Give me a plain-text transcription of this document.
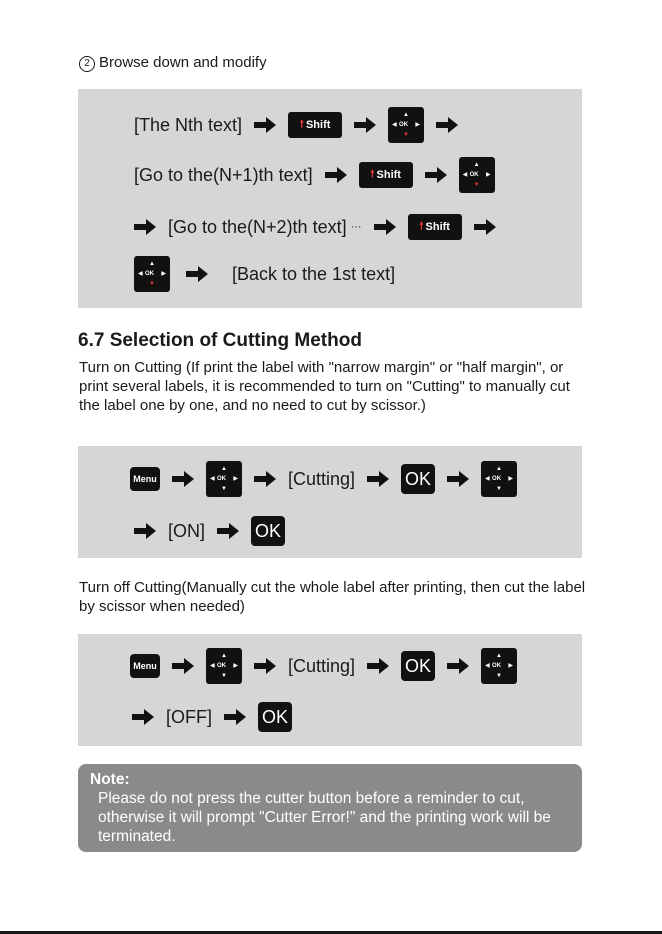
2 Browse down and modify
[The Nth text]	🠕 Shift
▲
◀ OK ▶
▼
[Go to the(N+1)th text]	🠕 Shift
▲
◀ OK ▶
▼
[Go to the(N+2)th text] ···	🠕 Shift
▲
◀ OK ▶
▼
[Back to the 1st text]
6.7 Selection of Cutting Method
Turn on Cutting (If print the label with "narrow margin" or "half margin", or print several labels, it is recommended to turn on "Cutting" to manually cut the label one by one, and no need to cut by scissor.)
Menu
▲
◀ OK ▶
▼
[Cutting]	OK	▲
◀ OK ▶
▼
[ON]	OK
Turn off Cutting(Manually cut the whole label after printing, then cut the label by scissor when needed)
Menu
▲
◀ OK ▶
▼
[Cutting]	OK	▲
◀ OK ▶
▼
[OFF]	OK
Note:
Please do not press the cutter button before a reminder to cut, otherwise it will prompt "Cutter Error!" and the printing work will be terminated.
